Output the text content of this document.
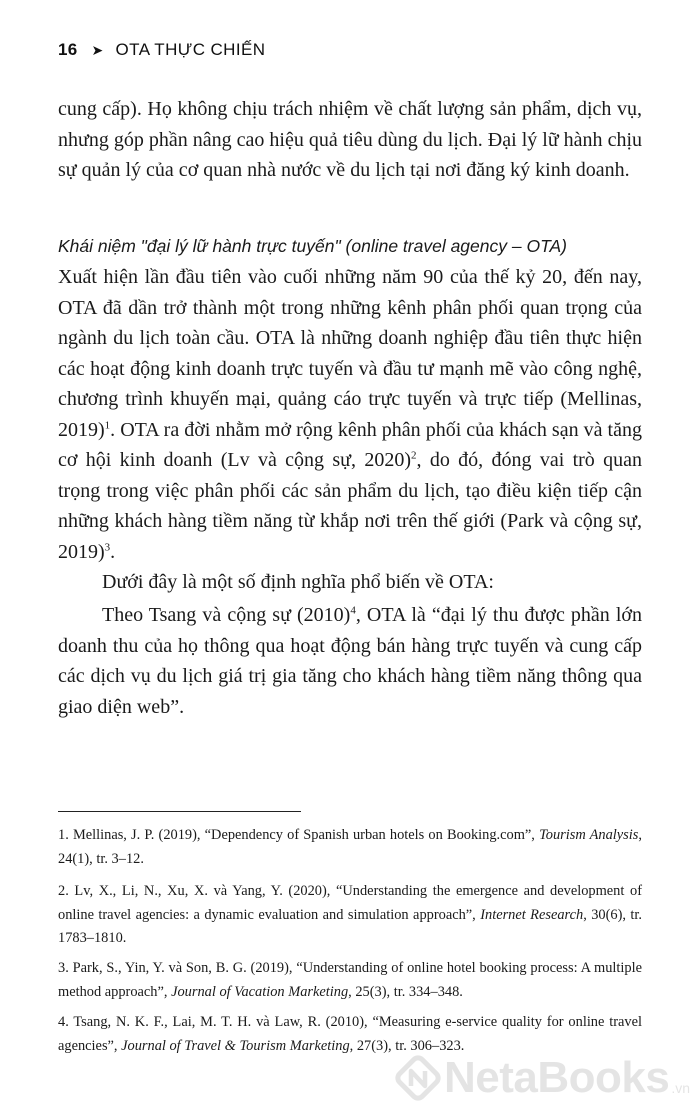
16 ➤ OTA THỰC CHIẾN

cung cấp). Họ không chịu trách nhiệm về chất lượng sản phẩm, dịch vụ, nhưng góp phần nâng cao hiệu quả tiêu dùng du lịch. Đại lý lữ hành chịu sự quản lý của cơ quan nhà nước về du lịch tại nơi đăng ký kinh doanh.

Khái niệm "đại lý lữ hành trực tuyến" (online travel agency – OTA)

Xuất hiện lần đầu tiên vào cuối những năm 90 của thế kỷ 20, đến nay, OTA đã dần trở thành một trong những kênh phân phối quan trọng của ngành du lịch toàn cầu. OTA là những doanh nghiệp đầu tiên thực hiện các hoạt động kinh doanh trực tuyến và đầu tư mạnh mẽ vào công nghệ, chương trình khuyến mại, quảng cáo trực tuyến và trực tiếp (Mellinas, 2019)$^1$. OTA ra đời nhằm mở rộng kênh phân phối của khách sạn và tăng cơ hội kinh doanh (Lv và cộng sự, 2020)$^2$, do đó, đóng vai trò quan trọng trong việc phân phối các sản phẩm du lịch, tạo điều kiện tiếp cận những khách hàng tiềm năng từ khắp nơi trên thế giới (Park và cộng sự, 2019)$^3$.

Dưới đây là một số định nghĩa phổ biến về OTA:

Theo Tsang và cộng sự $(2010)^4$, OTA là “đại lý thu được phần lớn doanh thu của họ thông qua hoạt động bán hàng trực tuyến và cung cấp các dịch vụ du lịch giá trị gia tăng cho khách hàng tiềm năng thông qua giao diện web”.

1. Mellinas, J. P. (2019), “Dependency of Spanish urban hotels on Booking.com”, Tourism Analysis, 24(1), tr. 3–12.

2. Lv, X., Li, N., Xu, X. và Yang, Y. (2020), “Understanding the emergence and development of online travel agencies: a dynamic evaluation and simulation approach”, Internet Research, 30(6), tr. 1783–1810.

3. Park, S., Yin, Y. và Son, B. G. (2019), “Understanding of online hotel booking process: A multiple method approach”, Journal of Vacation Marketing, 25(3), tr. 334–348.

4. Tsang, N. K. F., Lai, M. T. H. và Law, R. (2010), “Measuring e-service quality for online travel agencies”, Journal of Travel & Tourism Marketing, 27(3), tr. 306–323.

NetaBooks .vn
